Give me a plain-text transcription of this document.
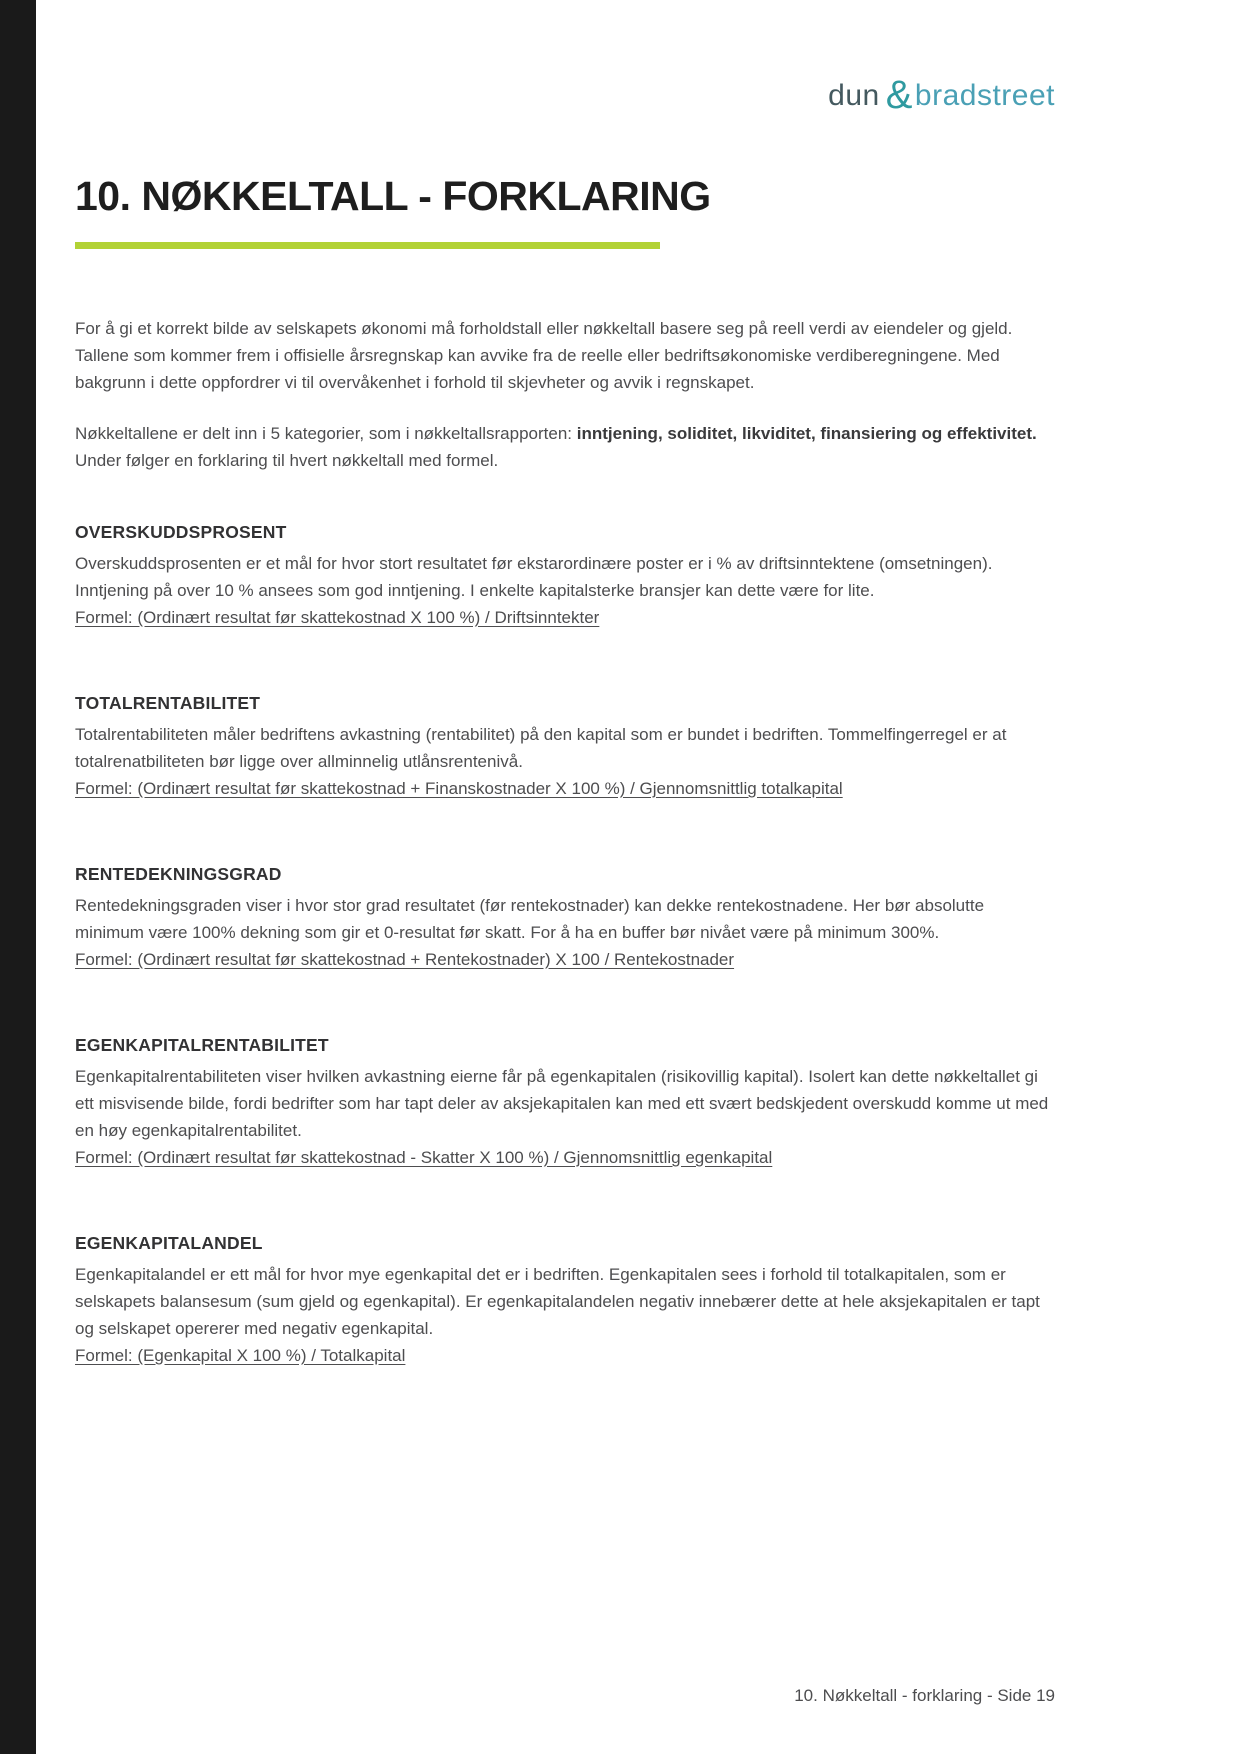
dun & bradstreet
10. NØKKELTALL - FORKLARING

For å gi et korrekt bilde av selskapets økonomi må forholdstall eller nøkkeltall basere seg på reell verdi av eiendeler og gjeld. Tallene som kommer frem i offisielle årsregnskap kan avvike fra de reelle eller bedriftsøkonomiske verdiberegningene. Med bakgrunn i dette oppfordrer vi til overvåkenhet i forhold til skjevheter og avvik i regnskapet.

Nøkkeltallene er delt inn i 5 kategorier, som i nøkkeltallsrapporten: inntjening, soliditet, likviditet, finansiering og effektivitet. Under følger en forklaring til hvert nøkkeltall med formel.

OVERSKUDDSPROSENT
Overskuddsprosenten er et mål for hvor stort resultatet før ekstarordinære poster er i % av driftsinntektene (omsetningen). Inntjening på over 10 % ansees som god inntjening. I enkelte kapitalsterke bransjer kan dette være for lite.
Formel: (Ordinært resultat før skattekostnad X 100 %) / Driftsinntekter
TOTALRENTABILITET
Totalrentabiliteten måler bedriftens avkastning (rentabilitet) på den kapital som er bundet i bedriften. Tommelfingerregel er at totalrenatbiliteten bør ligge over allminnelig utlånsrentenivå.
Formel: (Ordinært resultat før skattekostnad + Finanskostnader X 100 %) / Gjennomsnittlig totalkapital
RENTEDEKNINGSGRAD
Rentedekningsgraden viser i hvor stor grad resultatet (før rentekostnader) kan dekke rentekostnadene. Her bør absolutte minimum være 100% dekning som gir et 0-resultat før skatt. For å ha en buffer bør nivået være på minimum 300%.
Formel: (Ordinært resultat før skattekostnad + Rentekostnader) X 100 / Rentekostnader
EGENKAPITALRENTABILITET
Egenkapitalrentabiliteten viser hvilken avkastning eierne får på egenkapitalen (risikovillig kapital). Isolert kan dette nøkkeltallet gi ett misvisende bilde, fordi bedrifter som har tapt deler av aksjekapitalen kan med ett svært bedskjedent overskudd komme ut med en høy egenkapitalrentabilitet.
Formel: (Ordinært resultat før skattekostnad - Skatter X 100 %) / Gjennomsnittlig egenkapital
EGENKAPITALANDEL
Egenkapitalandel er ett mål for hvor mye egenkapital det er i bedriften. Egenkapitalen sees i forhold til totalkapitalen, som er selskapets balansesum (sum gjeld og egenkapital). Er egenkapitalandelen negativ innebærer dette at hele aksjekapitalen er tapt og selskapet opererer med negativ egenkapital.
Formel: (Egenkapital X 100 %) / Totalkapital
10. Nøkkeltall - forklaring - Side 19
